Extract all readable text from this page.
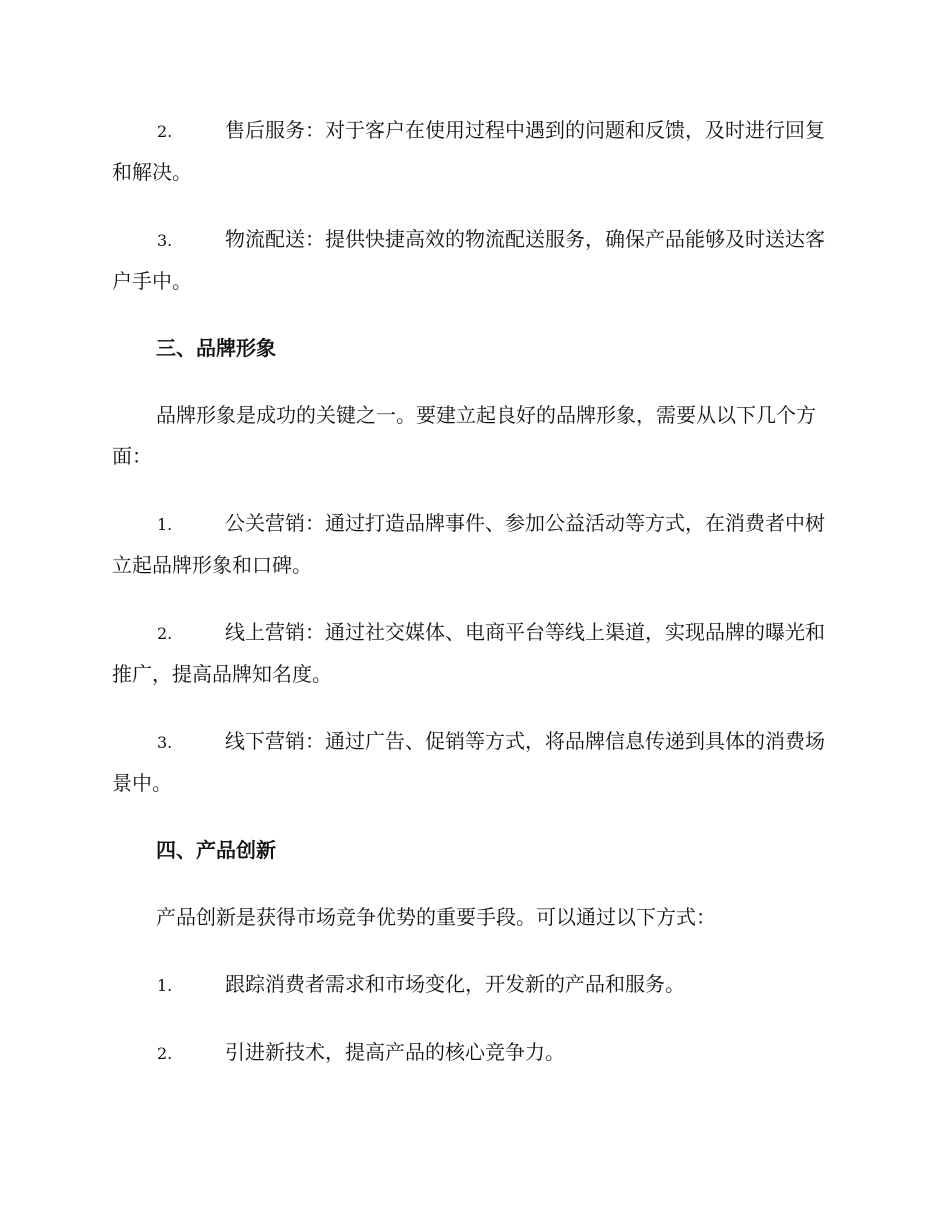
2.	售后服务：对于客户在使用过程中遇到的问题和反馈，及时进行回复和解决。

3.	物流配送：提供快捷高效的物流配送服务，确保产品能够及时送达客户手中。

三、品牌形象

品牌形象是成功的关键之一。要建立起良好的品牌形象，需要从以下几个方面：

1.	公关营销：通过打造品牌事件、参加公益活动等方式，在消费者中树立起品牌形象和口碑。

2.	线上营销：通过社交媒体、电商平台等线上渠道，实现品牌的曝光和推广，提高品牌知名度。

3.	线下营销：通过广告、促销等方式，将品牌信息传递到具体的消费场景中。

四、产品创新

产品创新是获得市场竞争优势的重要手段。可以通过以下方式：

1.	跟踪消费者需求和市场变化，开发新的产品和服务。

2.	引进新技术，提高产品的核心竞争力。
